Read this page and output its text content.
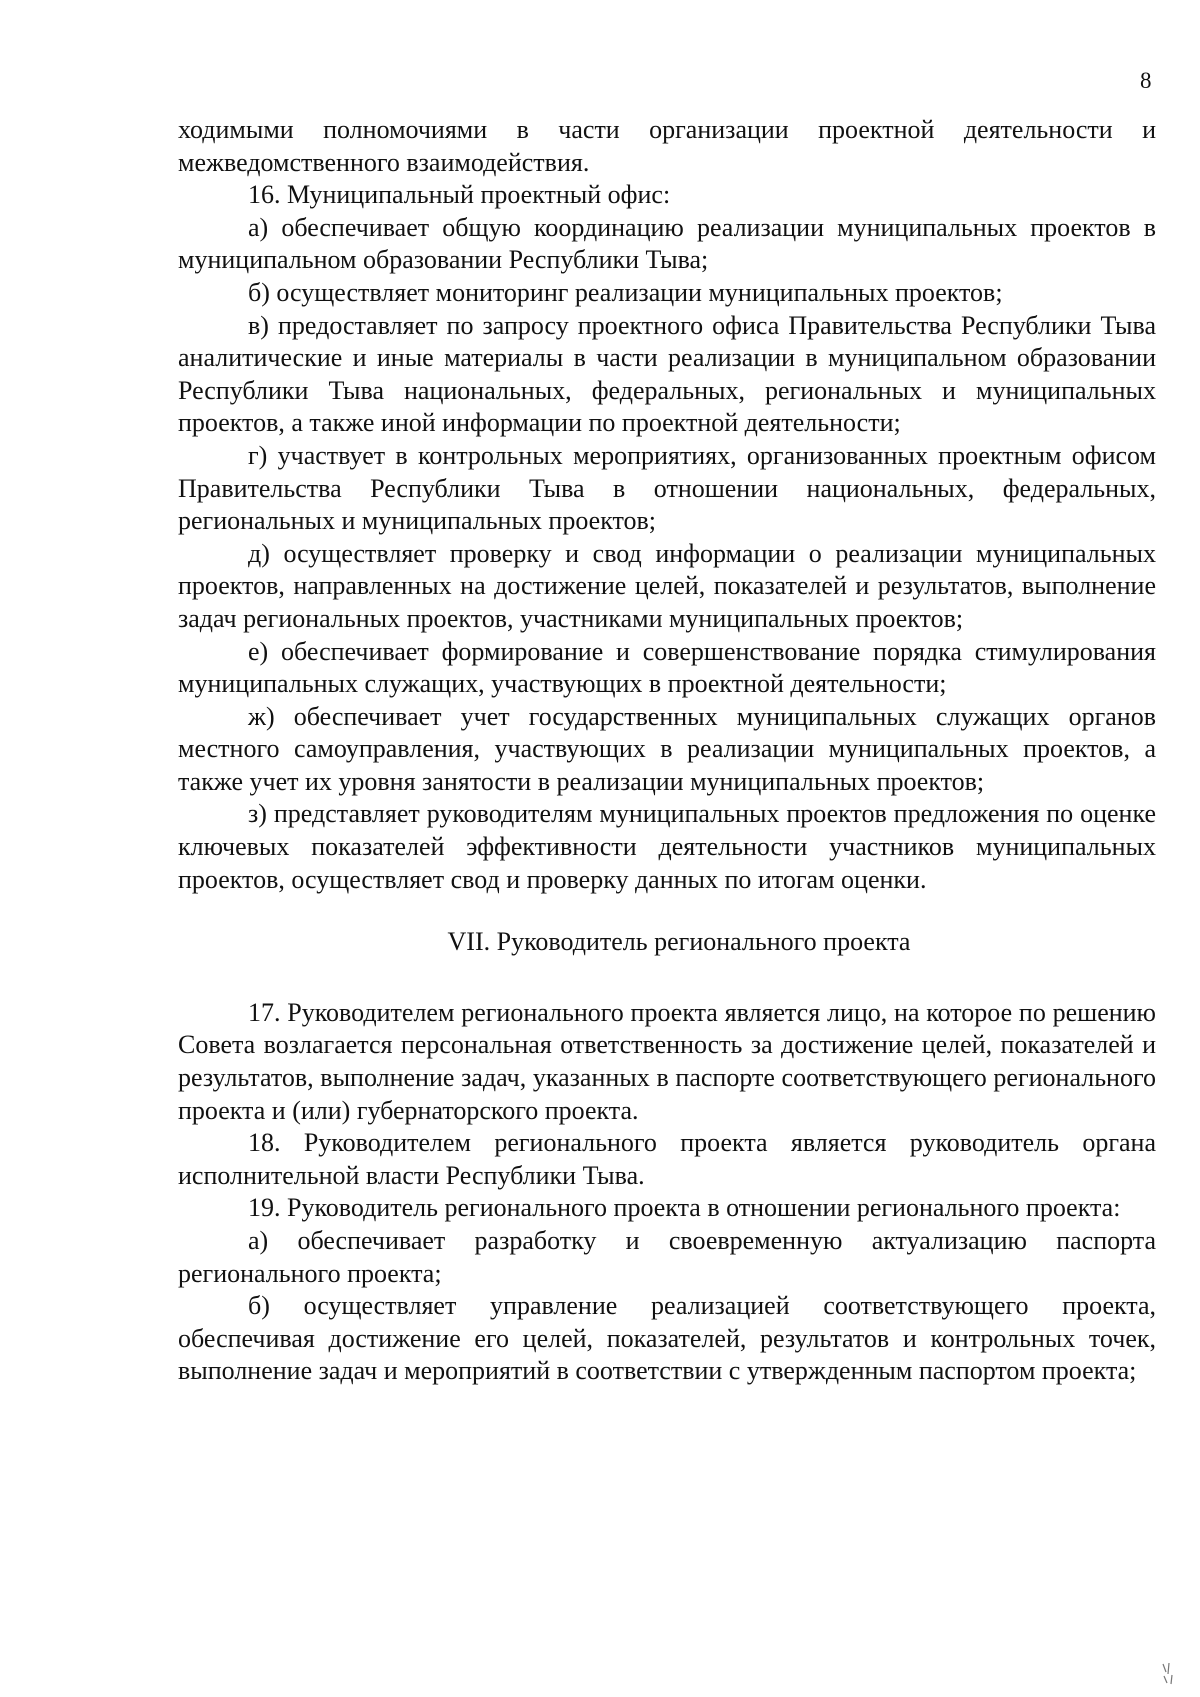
8

ходимыми полномочиями в части организации проектной деятельности и межведомственного взаимодействия.

16. Муниципальный проектный офис:

а) обеспечивает общую координацию реализации муниципальных проектов в муниципальном образовании Республики Тыва;

б) осуществляет мониторинг реализации муниципальных проектов;

в) предоставляет по запросу проектного офиса Правительства Республики Тыва аналитические и иные материалы в части реализации в муниципальном образовании Республики Тыва национальных, федеральных, региональных и муниципальных проектов, а также иной информации по проектной деятельности;

г) участвует в контрольных мероприятиях, организованных проектным офисом Правительства Республики Тыва в отношении национальных, федеральных, региональных и муниципальных проектов;

д) осуществляет проверку и свод информации о реализации муниципальных проектов, направленных на достижение целей, показателей и результатов, выполнение задач региональных проектов, участниками муниципальных проектов;

е) обеспечивает формирование и совершенствование порядка стимулирования муниципальных служащих, участвующих в проектной деятельности;

ж) обеспечивает учет государственных муниципальных служащих органов местного самоуправления, участвующих в реализации муниципальных проектов, а также учет их уровня занятости в реализации муниципальных проектов;

з) представляет руководителям муниципальных проектов предложения по оценке ключевых показателей эффективности деятельности участников муниципальных проектов, осуществляет свод и проверку данных по итогам оценки.

VII. Руководитель регионального проекта

17. Руководителем регионального проекта является лицо, на которое по решению Совета возлагается персональная ответственность за достижение целей, показателей и результатов, выполнение задач, указанных в паспорте соответствующего регионального проекта и (или) губернаторского проекта.

18. Руководителем регионального проекта является руководитель органа исполнительной власти Республики Тыва.

19. Руководитель регионального проекта в отношении регионального проекта:

а) обеспечивает разработку и своевременную актуализацию паспорта регионального проекта;

б) осуществляет управление реализацией соответствующего проекта, обеспечивая достижение его целей, показателей, результатов и контрольных точек, выполнение задач и мероприятий в соответствии с утвержденным паспортом проекта;
